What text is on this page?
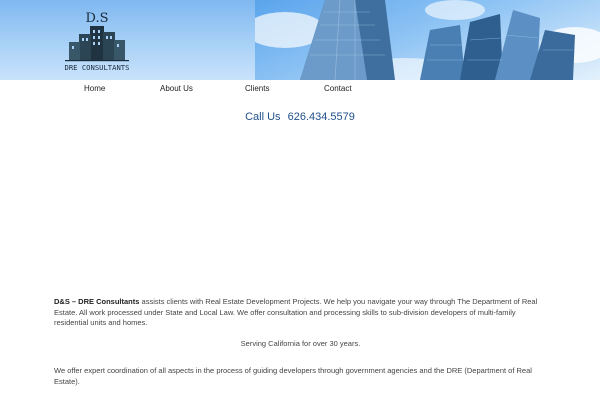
D.S
DRE CONSULTANTS
Home	About Us	Clients	Contact
Call Us 626.434.5579

D&S – DRE Consultants assists clients with Real Estate Development Projects. We help you navigate your way through The Department of Real Estate. All work processed under State and Local Law. We offer consultation and processing skills to sub-division developers of multi-family residential units and homes.

Serving California for over 30 years.

We offer expert coordination of all aspects in the process of guiding developers through government agencies and the DRE (Department of Real Estate).
